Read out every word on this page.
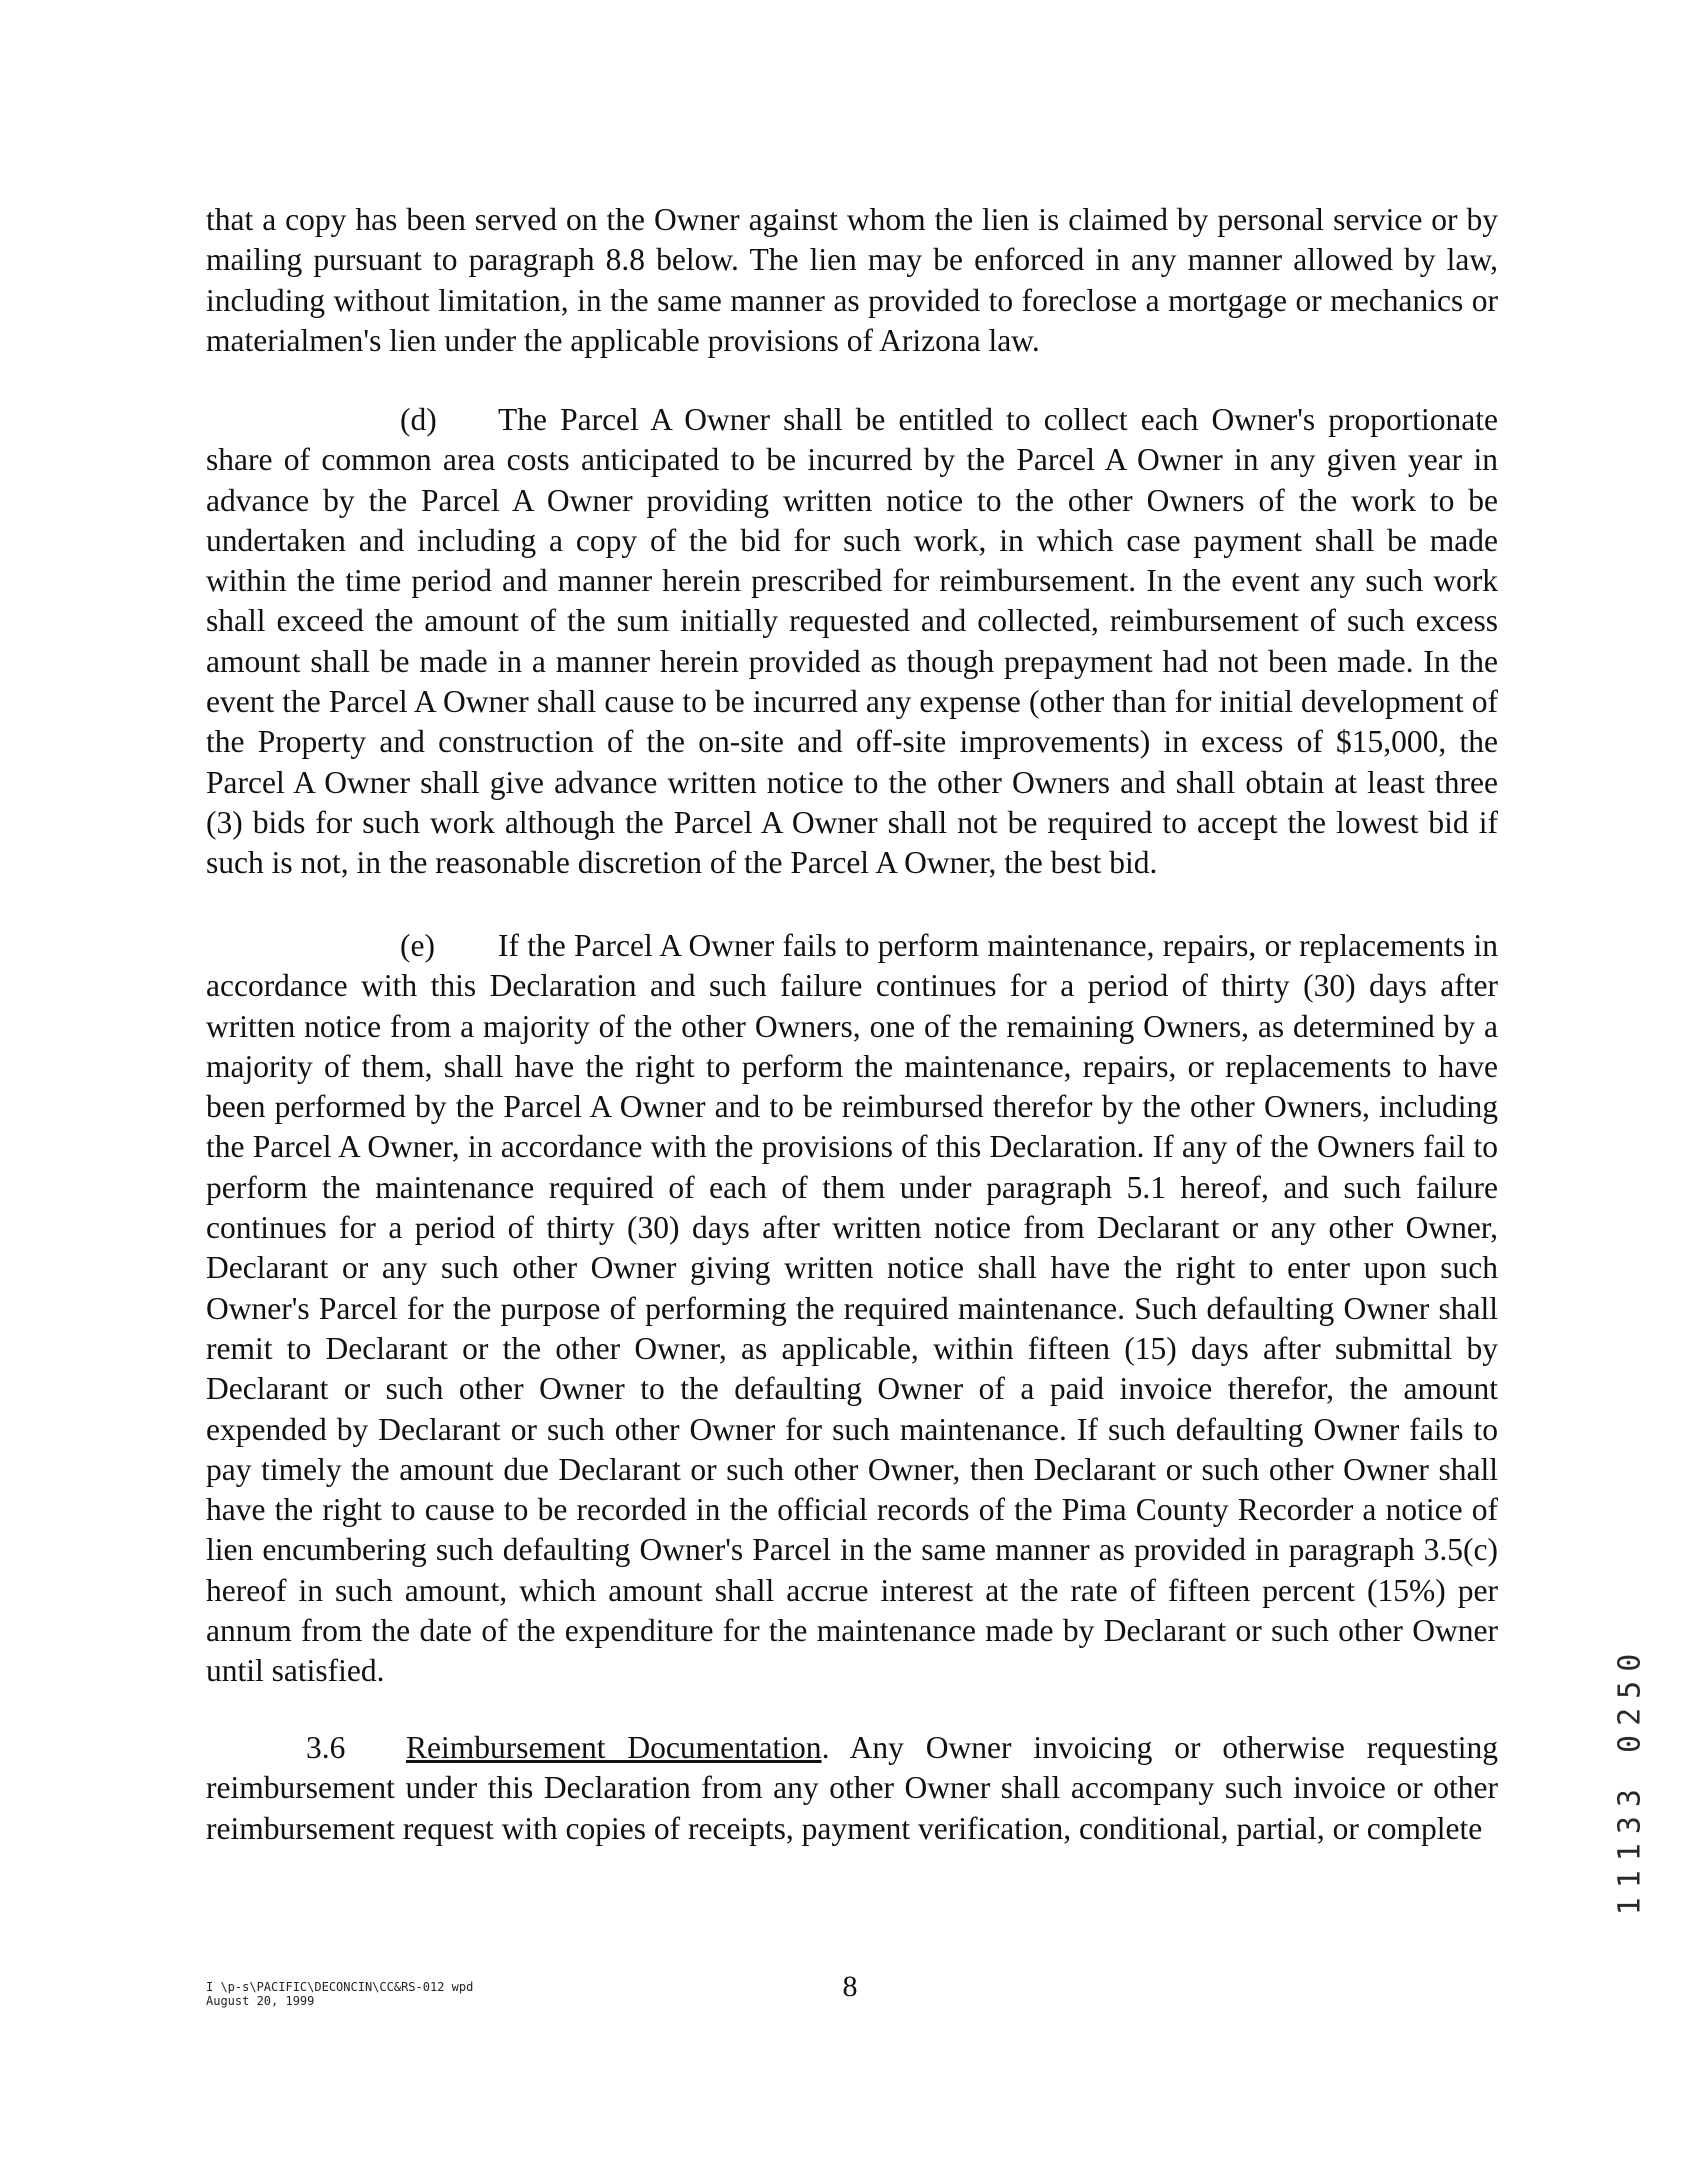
that a copy has been served on the Owner against whom the lien is claimed by personal service or by mailing pursuant to paragraph 8.8 below. The lien may be enforced in any manner allowed by law, including without limitation, in the same manner as provided to foreclose a mortgage or mechanics or materialmen's lien under the applicable provisions of Arizona law.

(d) The Parcel A Owner shall be entitled to collect each Owner's proportionate share of common area costs anticipated to be incurred by the Parcel A Owner in any given year in advance by the Parcel A Owner providing written notice to the other Owners of the work to be undertaken and including a copy of the bid for such work, in which case payment shall be made within the time period and manner herein prescribed for reimbursement. In the event any such work shall exceed the amount of the sum initially requested and collected, reimbursement of such excess amount shall be made in a manner herein provided as though prepayment had not been made. In the event the Parcel A Owner shall cause to be incurred any expense (other than for initial development of the Property and construction of the on-site and off-site improvements) in excess of $15,000, the Parcel A Owner shall give advance written notice to the other Owners and shall obtain at least three (3) bids for such work although the Parcel A Owner shall not be required to accept the lowest bid if such is not, in the reasonable discretion of the Parcel A Owner, the best bid.

(e) If the Parcel A Owner fails to perform maintenance, repairs, or replacements in accordance with this Declaration and such failure continues for a period of thirty (30) days after written notice from a majority of the other Owners, one of the remaining Owners, as determined by a majority of them, shall have the right to perform the maintenance, repairs, or replacements to have been performed by the Parcel A Owner and to be reimbursed therefor by the other Owners, including the Parcel A Owner, in accordance with the provisions of this Declaration. If any of the Owners fail to perform the maintenance required of each of them under paragraph 5.1 hereof, and such failure continues for a period of thirty (30) days after written notice from Declarant or any other Owner, Declarant or any such other Owner giving written notice shall have the right to enter upon such Owner's Parcel for the purpose of performing the required maintenance. Such defaulting Owner shall remit to Declarant or the other Owner, as applicable, within fifteen (15) days after submittal by Declarant or such other Owner to the defaulting Owner of a paid invoice therefor, the amount expended by Declarant or such other Owner for such maintenance. If such defaulting Owner fails to pay timely the amount due Declarant or such other Owner, then Declarant or such other Owner shall have the right to cause to be recorded in the official records of the Pima County Recorder a notice of lien encumbering such defaulting Owner's Parcel in the same manner as provided in paragraph 3.5(c) hereof in such amount, which amount shall accrue interest at the rate of fifteen percent (15%) per annum from the date of the expenditure for the maintenance made by Declarant or such other Owner until satisfied.

3.6 Reimbursement Documentation. Any Owner invoicing or otherwise requesting reimbursement under this Declaration from any other Owner shall accompany such invoice or other reimbursement request with copies of receipts, payment verification, conditional, partial, or complete	11133 0250

8

I \p-s\PACIFIC\DECONCIN\CC&RS-012 wpd
August 20, 1999
